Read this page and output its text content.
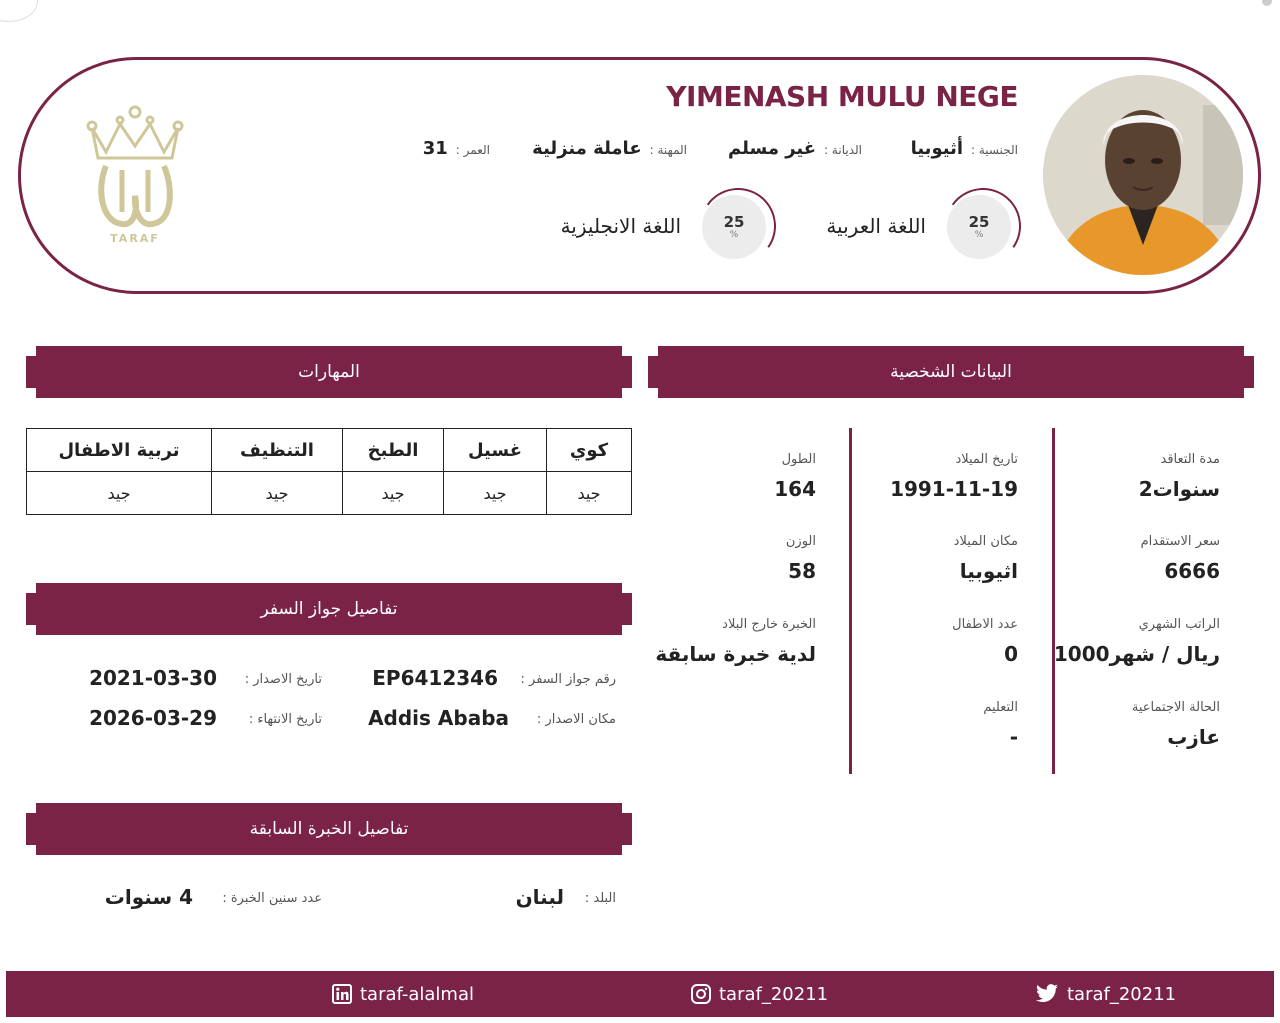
TARAF
YIMENASH MULU NEGE
الجنسية :
أثيوبيا
الديانة :
غير مسلم
المهنة :
عاملة منزلية
العمر :
31
25
%
اللغة العربية
25
%
اللغة الانجليزية
البيانات الشخصية
مدة التعاقد
2سنوات
سعر الاستقدام
6666
الراتب الشهري
1000ريال / شهر
الحالة الاجتماعية
عازب
تاريخ الميلاد
1991-11-19
مكان الميلاد
اثيوبيا
عدد الاطفال
0
التعليم
-
الطول
164
الوزن
58
الخبرة خارج البلاد
لدية خبرة سابقة
المهارات
كوي	غسيل	الطبخ	التنظيف	تربية الاطفال
جيد	جيد	جيد	جيد	جيد
تفاصيل جواز السفر
رقم جواز السفر :
EP6412346
تاريخ الاصدار :
2021-03-30
مكان الاصدار :
Addis Ababa
تاريخ الانتهاء :
2026-03-29
تفاصيل الخبرة السابقة
البلد :
لبنان
عدد سنين الخبرة :
4 سنوات
taraf-alalmal	taraf_20211	taraf_20211
